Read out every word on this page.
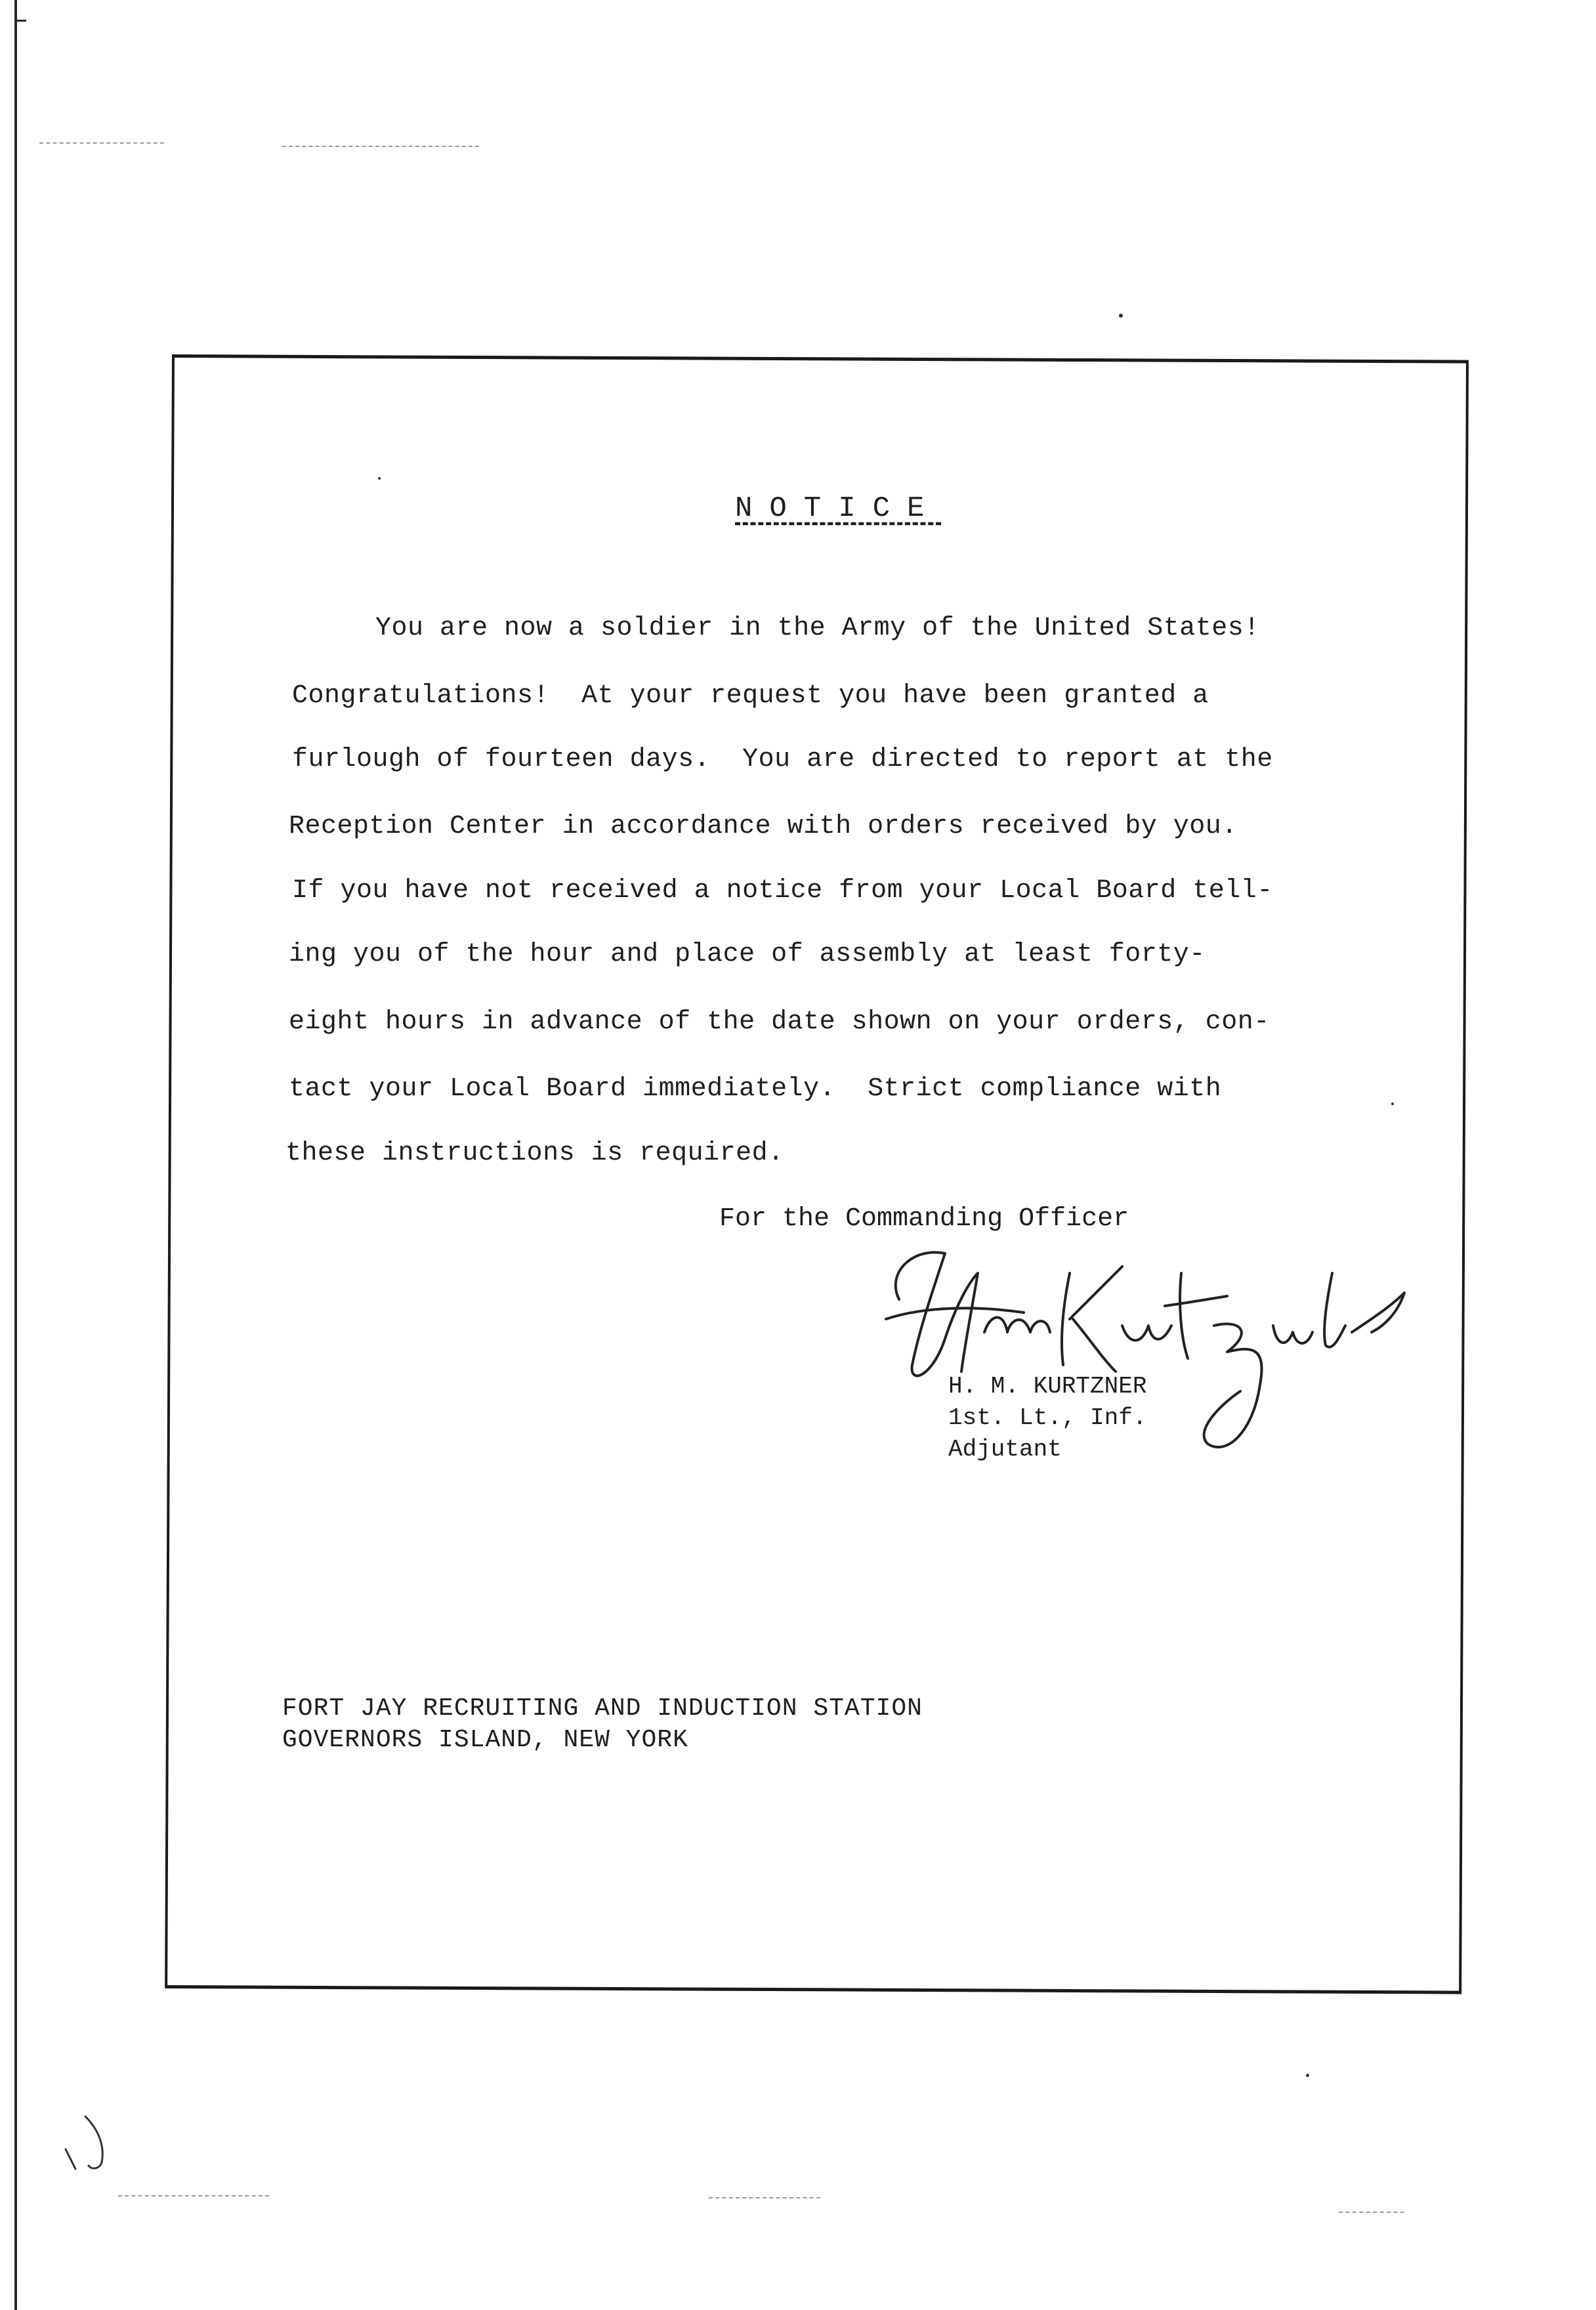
NOTICE
You are now a soldier in the Army of the United States!
Congratulations!  At your request you have been granted a
furlough of fourteen days.  You are directed to report at the
Reception Center in accordance with orders received by you.
If you have not received a notice from your Local Board tell-
ing you of the hour and place of assembly at least forty-
eight hours in advance of the date shown on your orders, con-
tact your Local Board immediately.  Strict compliance with
these instructions is required.
For the Commanding Officer
H. M. KURTZNER
1st. Lt., Inf.
Adjutant
FORT JAY RECRUITING AND INDUCTION STATION
GOVERNORS ISLAND, NEW YORK
